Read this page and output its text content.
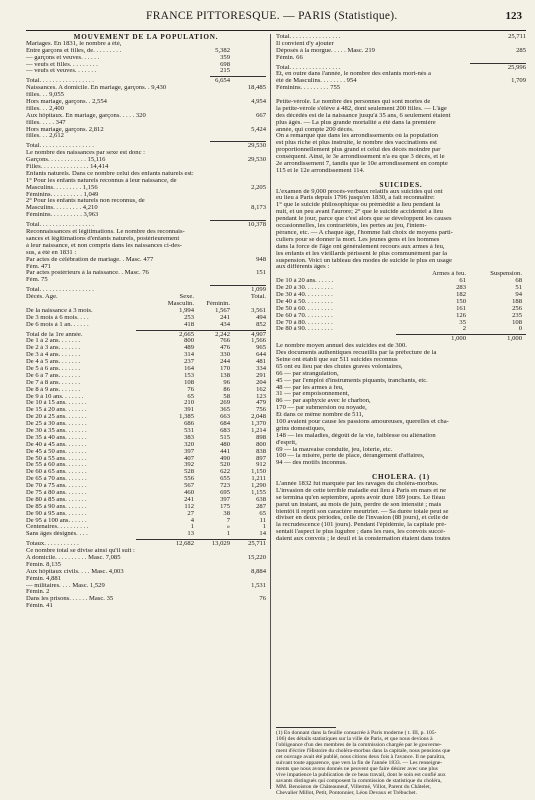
FRANCE PITTORESQUE. — PARIS (Statistique).	123
MOUVEMENT DE LA POPULATION.
Mariages. En 1831, le nombre a été,
Entre garçons et filles, de. . . . . . . . .	5,382
— garçons et veuves. . . . . .	359
— veufs et filles. . . . . . . . .	698
— veufs et veuves. . . . . . .	215
Total. . . . . . . . . . . . . . . . .	6,654
Naissances. A domicile. En mariage, garçons. . 9,430	18,485
filles. . . 9,055
Hors mariage, garçons. . 2,554	4,954
filles. . . 2,400
Aux hôpitaux. En mariage, garçons. . . . . 320	667
filles. . . . . 347
Hors mariage, garçons. 2,812	5,424
filles. . . 2,612
Total. . . . . . . . . . . . . . . . .	29,530
Le nombre des naissances par sexe est donc :
Garçons. . . . . . . . . . . . 15,116	29,530
Filles. . . . . . . . . . . . . . . 14,414
Enfants naturels. Dans ce nombre celui des enfants naturels est:
1° Pour les enfants naturels reconnus à leur naissance, de
Masculins. . . . . . . . . 1,156	2,205
Féminins. . . . . . . . . . 1,049
2° Pour les enfants naturels non reconnus, de
Masculins. . . . . . . . . 4,210	8,173
Féminins. . . . . . . . . . 3,963
Total. . . . . . . . . . . . . . . . .	10,378
Reconnaissances et légitimations. Le nombre des reconnais-
sances et légitimations d'enfants naturels, postérieurement
à leur naissance, et non compris dans les naissances ci-des-
sus, a été en 1831 :
Par actes de célébration de mariage. . Masc. 477	948
Fém. 471
Par actes postérieurs à la naissance. . Masc. 76	151
Fém. 75
Total. . . . . . . . . . . . . . . . .	1,099
Décès. Age.	Sexe.	Total.
Masculin.	Féminin.
De la naissance à 3 mois.	1,994	1,567	3,561
De 3 mois à 6 mois. . . .	253	241	494
De 6 mois à 1 an. . . . . .	418	434	852
Total de la 1re année.	2,665	2,242	4,907
De 1 à 2 ans. . . . . . .	800	766	1,566
De 2 à 3 ans. . . . . . .	489	476	965
De 3 à 4 ans. . . . . . .	314	330	644
De 4 à 5 ans. . . . . . .	237	244	481
De 5 à 6 ans. . . . . . .	164	170	334
De 6 à 7 ans. . . . . . .	153	138	291
De 7 à 8 ans. . . . . . .	108	96	204
De 8 à 9 ans. . . . . . .	76	86	162
De 9 à 10 ans. . . . . . .	65	58	123
De 10 à 15 ans. . . . . . .	210	269	479
De 15 à 20 ans. . . . . . .	391	365	756
De 20 à 25 ans. . . . . . .	1,385	663	2,048
De 25 à 30 ans. . . . . . .	686	684	1,370
De 30 à 35 ans. . . . . . .	531	683	1,214
De 35 à 40 ans. . . . . . .	383	515	898
De 40 à 45 ans. . . . . . .	320	480	800
De 45 à 50 ans. . . . . . .	397	441	838
De 50 à 55 ans. . . . . . .	407	490	897
De 55 à 60 ans. . . . . . .	392	520	912
De 60 à 65 ans. . . . . . .	528	622	1,150
De 65 à 70 ans. . . . . . .	556	655	1,211
De 70 à 75 ans. . . . . . .	567	723	1,290
De 75 à 80 ans. . . . . . .	460	695	1,155
De 80 à 85 ans. . . . . . .	241	397	638
De 85 à 90 ans. . . . . . .	112	175	287
De 90 à 95 ans. . . . . . .	27	38	65
De 95 à 100 ans. . . . . .	4	7	11
Centenaires. . . . . . . . . .	1	»	1
Sans âges désignés. . . .	13	1	14
Totaux. . . . . . . . . . .	12,682	13,029	25,711
Ce nombre total se divise ainsi qu'il suit :
A domicile. . . . . . . . . . Masc. 7,085	15,220
Fémin. 8,135
Aux hôpitaux civils. . . . Masc. 4,003	8,884
Fémin. 4,881
— militaires. . . . Masc. 1,529	1,531
Fémin. 2
Dans les prisons. . . . . . Masc. 35	76
Fémin. 41
Total. . . . . . . . . . . . . . . .	25,711
Il convient d'y ajouter
Déposés à la morgue. . . . . Masc. 219	285
Fémin. 66
Total. . . . . . . . . . . . . . . .	25,996
Et, en outre dans l'année, le nombre des enfants mort-nés a
été de Masculins. . . . . . . . 954	1,709
Féminins. . . . . . . . . 755
Petite-vérole. Le nombre des personnes qui sont mortes de
la petite-vérole s'élève à 482, dont seulement 200 filles. — L'âge
des décédés est de la naissance jusqu'à 35 ans, 6 seulement étaient
plus âgés. — La plus grande mortalité a été dans la première
année, qui compte 200 décès.
On a remarqué que dans les arrondissements où la population
est plus riche et plus instruite, le nombre des vaccinations est
proportionnellement plus grand et celui des décès moindre par
conséquent. Ainsi, le 3e arrondissement n'a eu que 3 décès, et le
2e arrondissement 7, tandis que le 10e arrondissement en compte
115 et le 12e arrondissement 114.
SUICIDES.
L'examen de 9,000 procès-verbaux relatifs aux suicides qui ont
eu lieu à Paris depuis 1796 jusqu'en 1830, a fait reconnaître:
1° que le suicide philosophique ou prémédité a lieu pendant la
nuit, et un peu avant l'aurore; 2° que le suicide accidentel a lieu
pendant le jour, parce que c'est alors que se développent les causes
occasionnelles, les contrariétés, les pertes au jeu, l'intem-
pérance, etc. — A chaque âge, l'homme fait choix de moyens parti-
culiers pour se donner la mort. Les jeunes gens et les hommes
dans la force de l'âge ont généralement recours aux armes à feu,
les enfants et les vieillards périssent le plus communément par la
suspension. Voici un tableau des modes de suicide le plus en usage
aux différents âges :
Armes à feu.	Suspension.
De 10 à 20 ans. . . . . .	61	68
De 20 à 30. . . . . . . . .	283	51
De 30 à 40. . . . . . . . .	182	94
De 40 à 50. . . . . . . . .	150	188
De 50 à 60. . . . . . . . .	161	256
De 60 à 70. . . . . . . . .	126	235
De 70 à 80. . . . . . . . .	35	108
De 80 à 90. . . . . . . . .	2	0
1,000	1,000
Le nombre moyen annuel des suicides est de 300.
Des documents authentiques recueillis par la préfecture de la
Seine ont établi que sur 511 suicides reconnus
65 ont eu lieu par des chutes graves volontaires,
66 — par strangulation,
45 — par l'emploi d'instruments piquants, tranchants, etc.
48 — par les armes à feu,
31 — par empoisonnement,
86 — par asphyxie avec le charbon,
170 — par submersion ou noyade,
Et dans ce même nombre de 511,
100 avaient pour cause les passions amoureuses, querelles et cha-
grins domestiques,
148 — les maladies, dégoût de la vie, faiblesse ou aliénation
d'esprit,
69 — la mauvaise conduite, jeu, loterie, etc.
100 — la misère, perte de place, dérangement d'affaires,
94 — des motifs inconnus.
CHOLÉRA. (1)
L'année 1832 fut marquée par les ravages du choléra-morbus.
L'invasion de cette terrible maladie eut lieu à Paris en mars et ne
se termina qu'en septembre, après avoir duré 189 jours. Le fléau
parut un instant, au mois de juin, perdre de son intensité ; mais
bientôt il reprit son caractère meurtrier. — Sa durée totale peut se
diviser en deux périodes, celle de l'invasion (88 jours), et celle de
la recrudescence (101 jours). Pendant l'épidémie, la capitale pré-
sentait l'aspect le plus lugubre ; dans les rues, les convois succé-
daient aux convois ; le deuil et la consternation étaient dans toutes
(1) En donnant dans la feuille consacrée à Paris moderne ( t. III, p. 105-
106) des détails statistiques sur la ville de Paris, et que nous devions à
l'obligeance d'un des membres de la commission chargée par le gouverne-
ment d'écrire l'Histoire du choléra-morbus dans la capitale, nous pensions que
cet ouvrage avait été publié, nous citions deux fois à l'avance. Il ne paraîtra,
suivant toute apparence, que vers la fin de l'année 1833. — Les renseigne-
ments que nous avons donnés ne peuvent que faire désirer avec une plus
vive impatience la publication de ce beau travail, dont le soin est confié aux
savants distingués qui composent la commission de statistique du choléra,
MM. Benoiston de Châteauneuf, Villermé, Villot, Parent du Châtelet,
Chevalier Millot, Petit, Pontonnier, Léon Devaux et Trébuchet.
